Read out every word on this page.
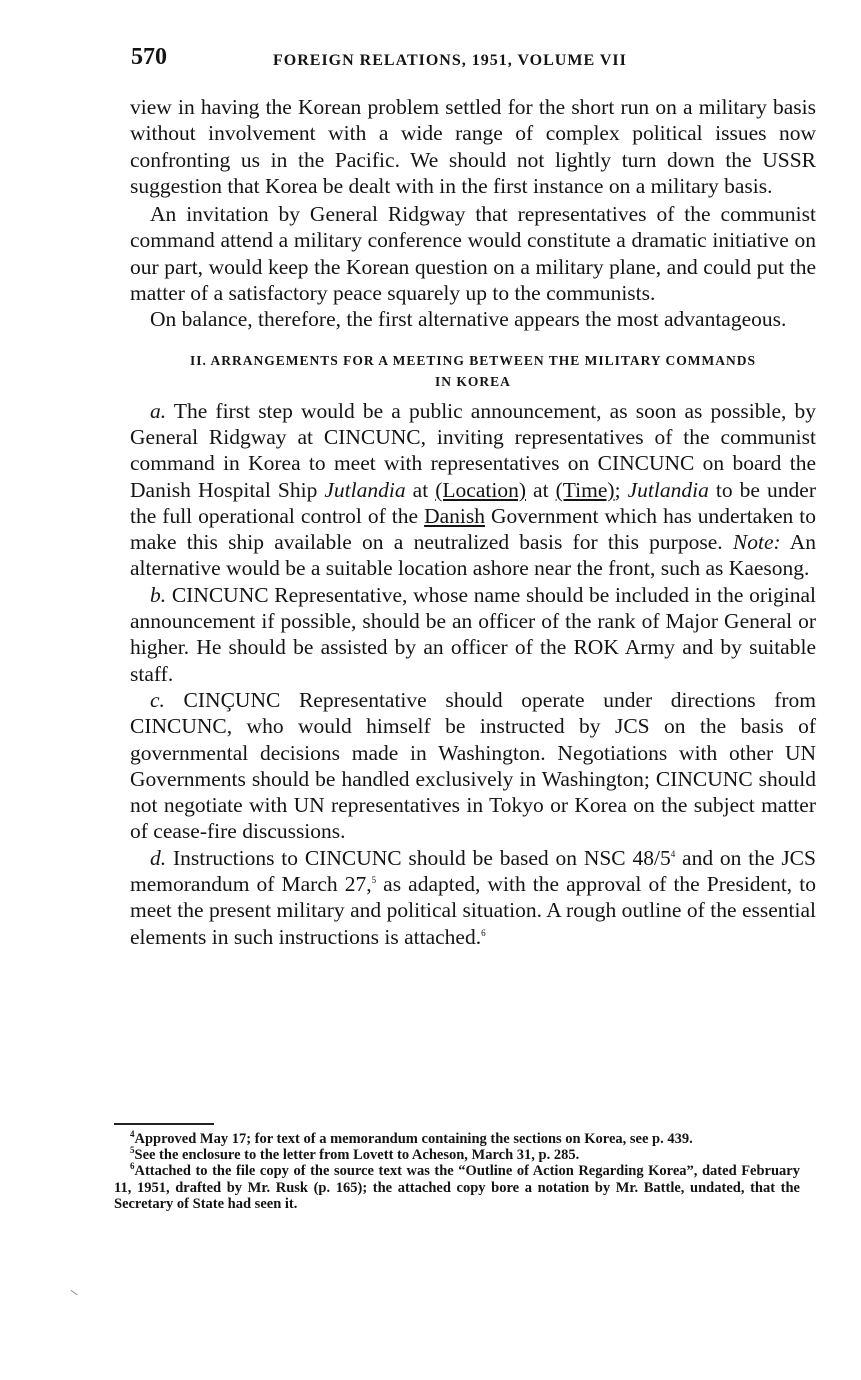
570	FOREIGN RELATIONS, 1951, VOLUME VII

view in having the Korean problem settled for the short run on a military basis without involvement with a wide range of complex political issues now confronting us in the Pacific. We should not lightly turn down the USSR suggestion that Korea be dealt with in the first instance on a military basis.

An invitation by General Ridgway that representatives of the communist command attend a military conference would constitute a dramatic initiative on our part, would keep the Korean question on a military plane, and could put the matter of a satisfactory peace squarely up to the communists.

On balance, therefore, the first alternative appears the most advantageous.

II. ARRANGEMENTS FOR A MEETING BETWEEN THE MILITARY COMMANDS
IN KOREA

a. The first step would be a public announcement, as soon as possible, by General Ridgway at CINCUNC, inviting representatives of the communist command in Korea to meet with representatives on CINCUNC on board the Danish Hospital Ship Jutlandia at (Location) at (Time); Jutlandia to be under the full operational control of the Danish Government which has undertaken to make this ship available on a neutralized basis for this purpose. Note: An alternative would be a suitable location ashore near the front, such as Kaesong.

b. CINCUNC Representative, whose name should be included in the original announcement if possible, should be an officer of the rank of Major General or higher. He should be assisted by an officer of the ROK Army and by suitable staff.

c. CINÇUNC Representative should operate under directions from CINCUNC, who would himself be instructed by JCS on the basis of governmental decisions made in Washington. Negotiations with other UN Governments should be handled exclusively in Washington; CINCUNC should not negotiate with UN representatives in Tokyo or Korea on the subject matter of cease-fire discussions.

d. Instructions to CINCUNC should be based on NSC $48/5^4$ and on the JCS memorandum of March 27,$^5$ as adapted, with the approval of the President, to meet the present military and political situation. A rough outline of the essential elements in such instructions is attached.$^6$

$^4$Approved May 17; for text of a memorandum containing the sections on Korea, see p. 439.

$^5$See the enclosure to the letter from Lovett to Acheson, March 31, p. 285.

$^6$Attached to the file copy of the source text was the “Outline of Action Regarding Korea”, dated February 11, 1951, drafted by Mr. Rusk (p. 165); the attached copy bore a notation by Mr. Battle, undated, that the Secretary of State had seen it.
